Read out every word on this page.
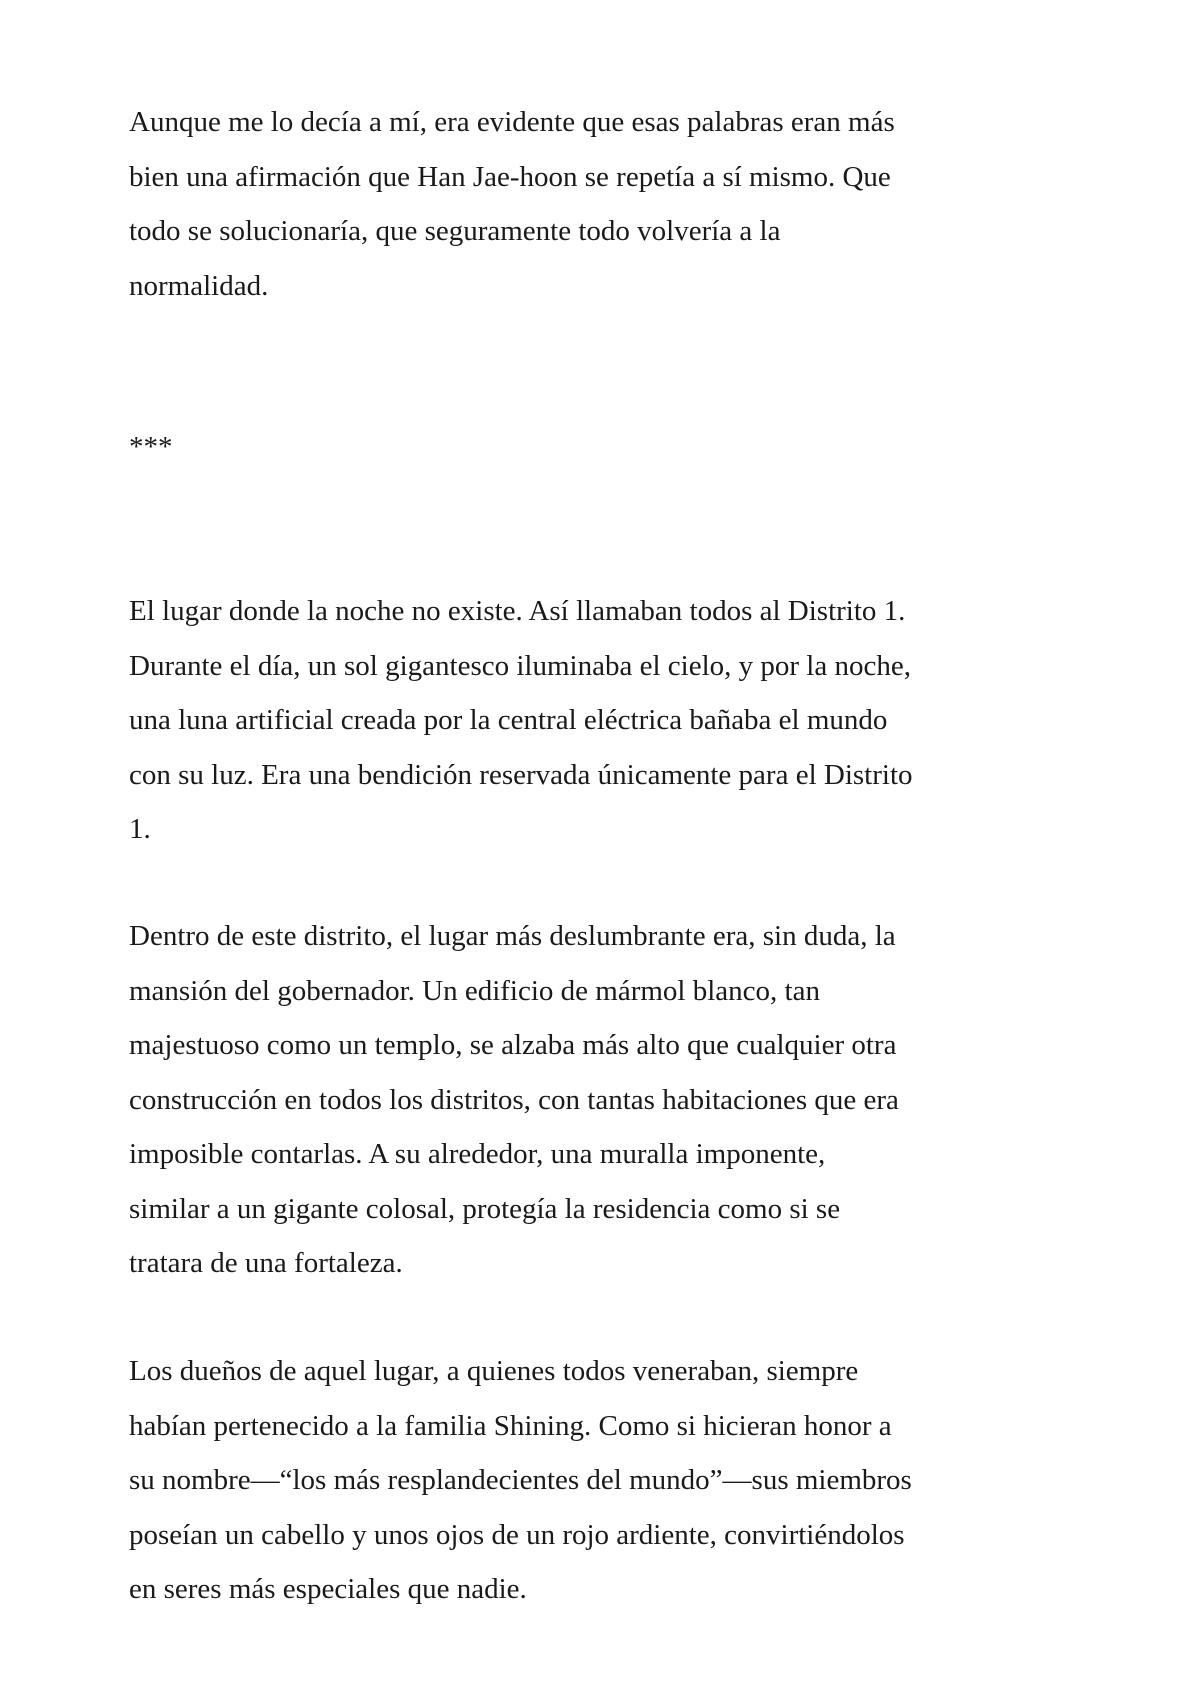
Aunque me lo decía a mí, era evidente que esas palabras eran más
bien una afirmación que Han Jae-hoon se repetía a sí mismo. Que
todo se solucionaría, que seguramente todo volvería a la
normalidad.
***
El lugar donde la noche no existe. Así llamaban todos al Distrito 1.
Durante el día, un sol gigantesco iluminaba el cielo, y por la noche,
una luna artificial creada por la central eléctrica bañaba el mundo
con su luz. Era una bendición reservada únicamente para el Distrito
1.
Dentro de este distrito, el lugar más deslumbrante era, sin duda, la
mansión del gobernador. Un edificio de mármol blanco, tan
majestuoso como un templo, se alzaba más alto que cualquier otra
construcción en todos los distritos, con tantas habitaciones que era
imposible contarlas. A su alrededor, una muralla imponente,
similar a un gigante colosal, protegía la residencia como si se
tratara de una fortaleza.
Los dueños de aquel lugar, a quienes todos veneraban, siempre
habían pertenecido a la familia Shining. Como si hicieran honor a
su nombre—“los más resplandecientes del mundo”—sus miembros
poseían un cabello y unos ojos de un rojo ardiente, convirtiéndolos
en seres más especiales que nadie.
